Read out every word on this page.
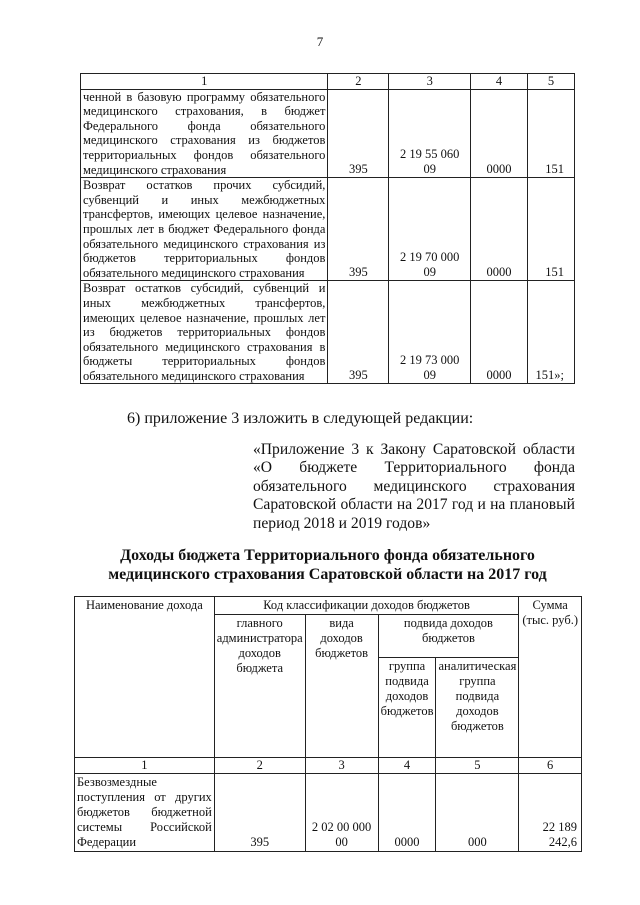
7
1	2	3	4	5
ченной в базовую программу обязательного медицинского страхования, в бюджет Федерального фонда обязательного медицинского страхования из бюджетов территориальных фондов обязательного медицинского страхования	395	2 19 55 060 09	0000	151
Возврат остатков прочих субсидий, субвенций и иных межбюджетных трансфертов, имеющих целевое назначение, прошлых лет в бюджет Федерального фонда обязательного медицинского страхования из бюджетов территориальных фондов обязательного медицинского страхования	395	2 19 70 000 09	0000	151
Возврат остатков субсидий, субвенций и иных межбюджетных трансфертов, имеющих целевое назначение, прошлых лет из бюджетов территориальных фондов обязательного медицинского страхования в бюджеты территориальных фондов обязательного медицинского страхования	395	2 19 73 000 09	0000	151»;
6) приложение 3 изложить в следующей редакции:
«Приложение 3 к Закону Саратовской области «О бюджете Территориального фонда обязательного медицинского страхования Саратовской области на 2017 год и на плановый период 2018 и 2019 годов»
Доходы бюджета Территориального фонда обязательного медицинского страхования Саратовской области на 2017 год
Наименование дохода	Код классификации доходов бюджетов				Сумма (тыс. руб.)
	главного администратора доходов бюджета	вида доходов бюджетов	подвида доходов бюджетов		
			группа подвида доходов бюджетов	аналитическая группа подвида доходов бюджетов	
1	2	3	4	5	6
Безвозмездные поступления от других бюджетов бюджетной системы Российской Федерации	395	2 02 00 000 00	0000	000	22 189 242,6
